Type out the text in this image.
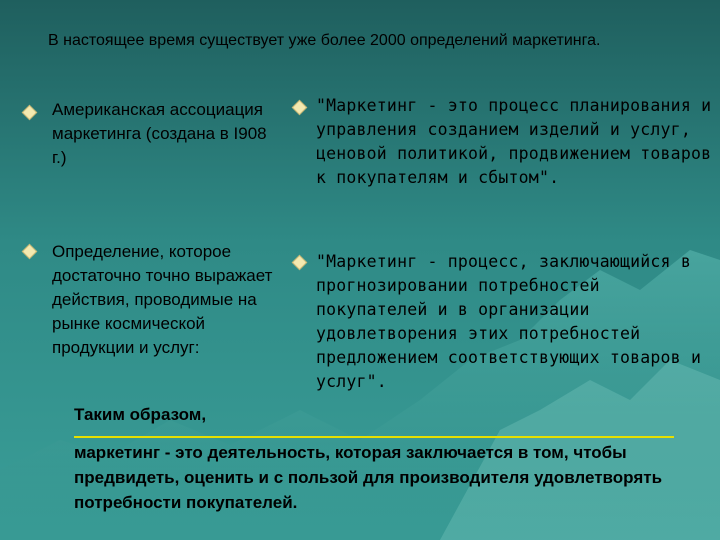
В настоящее время существует уже более 2000 определений маркетинга.
Американская ассоциация маркетинга (создана в I908 г.)
Определение, которое достаточно точно выражает действия, проводимые на рынке космической продукции и услуг:
"Маркетинг - это процесс планирования и управления созданием изделий и услуг, ценовой политикой, продвижением товаров к покупателям и сбытом".
"Маркетинг - процесс, заключающийся в прогнозировании потребностей покупателей и в организации удовлетворения этих потребностей предложением соответствующих товаров и услуг".
Таким образом,
маркетинг - это деятельность, которая заключается в том, чтобы предвидеть, оценить и с пользой для производителя удовлетворять потребности покупателей.
